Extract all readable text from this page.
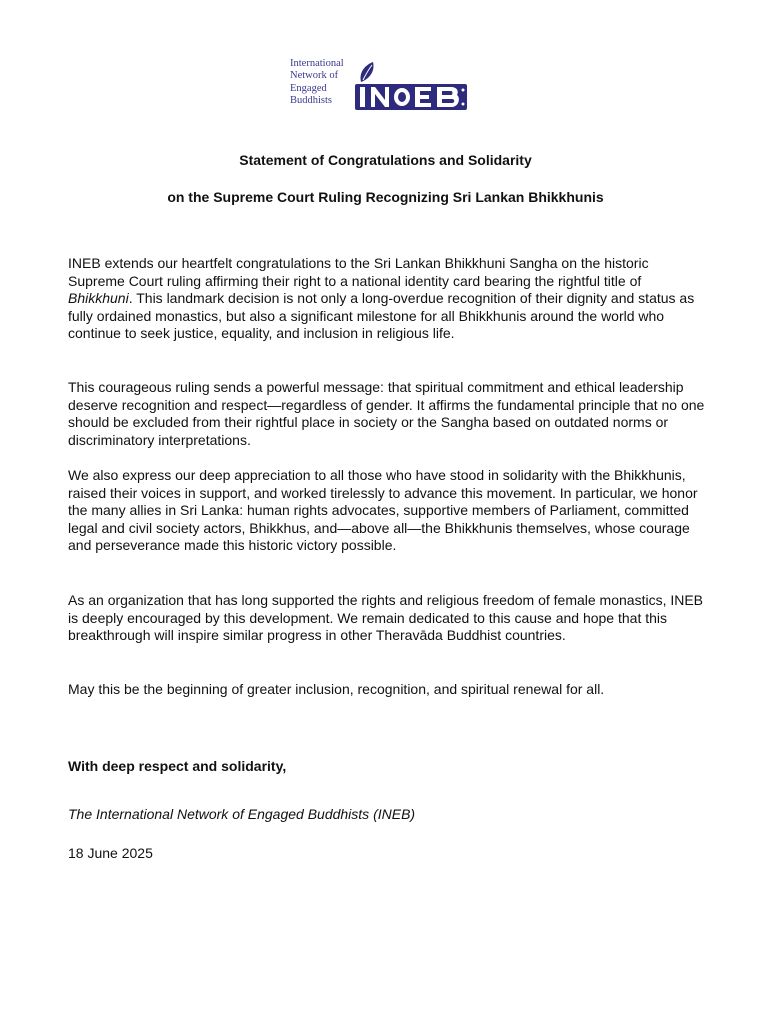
International
Network of
Engaged
Buddhists
Statement of Congratulations and Solidarity
on the Supreme Court Ruling Recognizing Sri Lankan Bhikkhunis

INEB extends our heartfelt congratulations to the Sri Lankan Bhikkhuni Sangha on the historic Supreme Court ruling affirming their right to a national identity card bearing the rightful title of Bhikkhuni. This landmark decision is not only a long-overdue recognition of their dignity and status as fully ordained monastics, but also a significant milestone for all Bhikkhunis around the world who continue to seek justice, equality, and inclusion in religious life.

This courageous ruling sends a powerful message: that spiritual commitment and ethical leadership deserve recognition and respect—regardless of gender. It affirms the fundamental principle that no one should be excluded from their rightful place in society or the Sangha based on outdated norms or discriminatory interpretations.

We also express our deep appreciation to all those who have stood in solidarity with the Bhikkhunis, raised their voices in support, and worked tirelessly to advance this movement. In particular, we honor the many allies in Sri Lanka: human rights advocates, supportive members of Parliament, committed legal and civil society actors, Bhikkhus, and—above all—the Bhikkhunis themselves, whose courage and perseverance made this historic victory possible.

As an organization that has long supported the rights and religious freedom of female monastics, INEB is deeply encouraged by this development. We remain dedicated to this cause and hope that this breakthrough will inspire similar progress in other Theravāda Buddhist countries.

May this be the beginning of greater inclusion, recognition, and spiritual renewal for all.

With deep respect and solidarity,
The International Network of Engaged Buddhists (INEB)
18 June 2025
